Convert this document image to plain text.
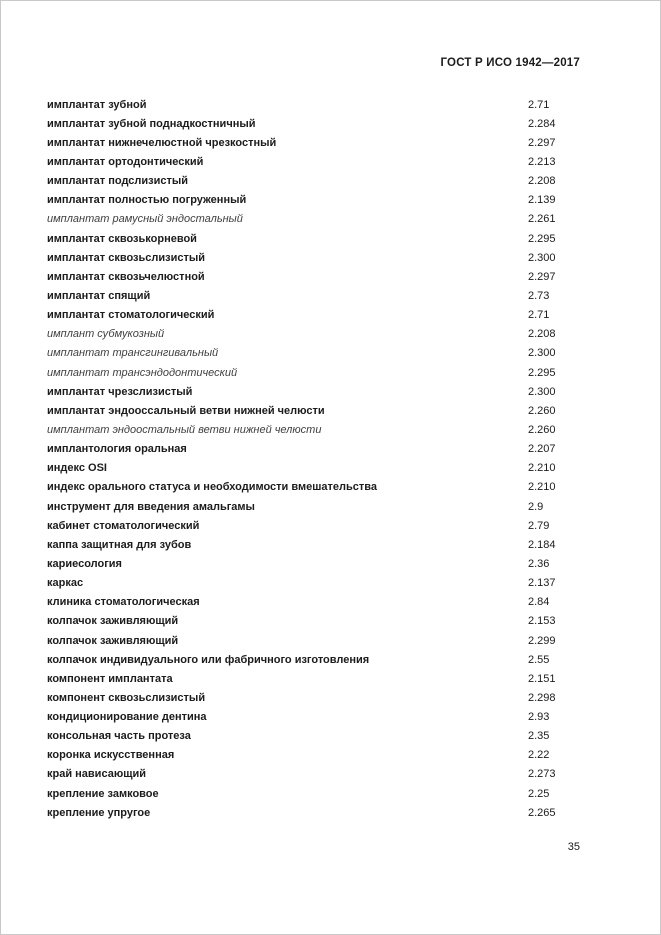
ГОСТ Р ИСО 1942—2017
имплантат зубной	2.71
имплантат зубной поднадкостничный	2.284
имплантат нижнечелюстной чрезкостный	2.297
имплантат ортодонтический	2.213
имплантат подслизистый	2.208
имплантат полностью погруженный	2.139
имплантат рамусный эндостальный	2.261
имплантат сквозькорневой	2.295
имплантат сквозьслизистый	2.300
имплантат сквозьчелюстной	2.297
имплантат спящий	2.73
имплантат стоматологический	2.71
имплант субмукозный	2.208
имплантат трансгингивальный	2.300
имплантат трансэндодонтический	2.295
имплантат чрезслизистый	2.300
имплантат эндооссальный ветви нижней челюсти	2.260
имплантат эндоостальный ветви нижней челюсти	2.260
имплантология оральная	2.207
индекс OSI	2.210
индекс орального статуса и необходимости вмешательства	2.210
инструмент для введения амальгамы	2.9
кабинет стоматологический	2.79
каппа защитная для зубов	2.184
кариесология	2.36
каркас	2.137
клиника стоматологическая	2.84
колпачок заживляющий	2.153
колпачок заживляющий	2.299
колпачок индивидуального или фабричного изготовления	2.55
компонент имплантата	2.151
компонент сквозьслизистый	2.298
кондиционирование дентина	2.93
консольная часть протеза	2.35
коронка искусственная	2.22
край нависающий	2.273
крепление замковое	2.25
крепление упругое	2.265
35
